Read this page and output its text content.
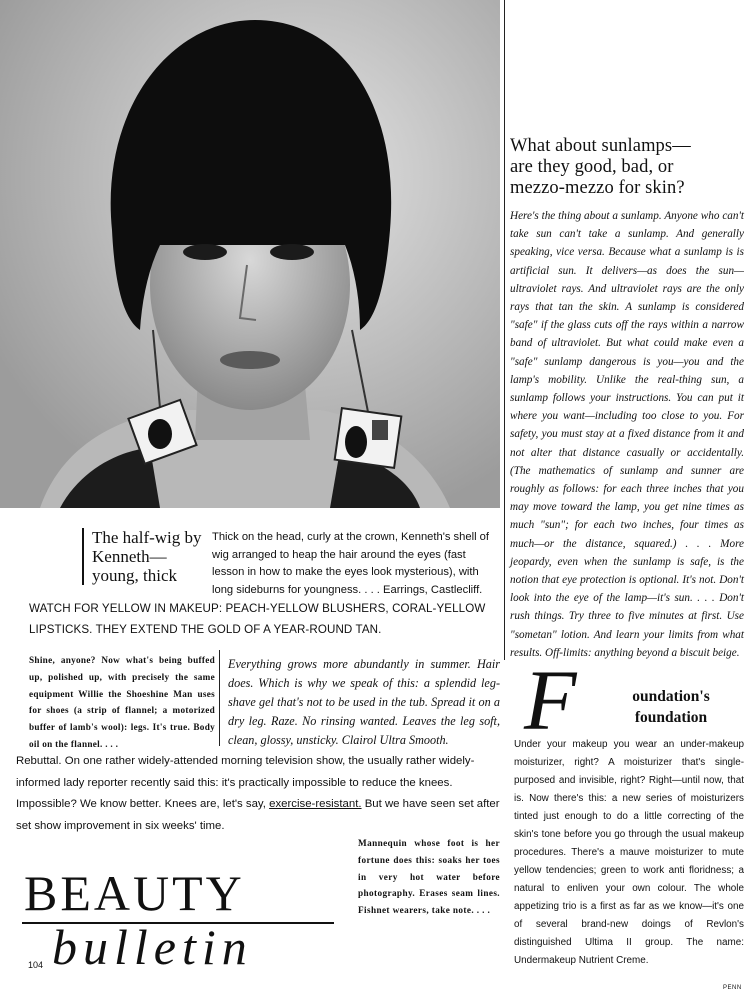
What about sunlamps—
are they good, bad, or
mezzo-mezzo for skin?

Here's the thing about a sunlamp. Anyone who can't take sun can't take a sunlamp. And generally speaking, vice versa. Because what a sunlamp is is artificial sun. It delivers—as does the sun—ultraviolet rays. And ultraviolet rays are the only rays that tan the skin. A sunlamp is considered "safe" if the glass cuts off the rays within a narrow band of ultraviolet. But what could make even a "safe" sunlamp dangerous is you—you and the lamp's mobility. Unlike the real-thing sun, a sunlamp follows your instructions. You can put it where you want—including too close to you. For safety, you must stay at a fixed distance from it and not alter that distance casually or accidentally. (The mathematics of sunlamp and sunner are roughly as follows: for each three inches that you may move toward the lamp, you get nine times as much "sun"; for each two inches, four times as much—or the distance, squared.) . . . More jeopardy, even when the sunlamp is safe, is the notion that eye protection is optional. It's not. Don't look into the eye of the lamp—it's sun. . . . Don't rush things. Try three to five minutes at first. Use "sometan" lotion. And learn your limits from what results. Off-limits: anything beyond a biscuit beige.

The half-wig by Kenneth—young, thick

Thick on the head, curly at the crown, Kenneth's shell of wig arranged to heap the hair around the eyes (fast lesson in how to make the eyes look mysterious), with long sideburns for youngness. . . . Earrings, Castlecliff.

WATCH FOR YELLOW IN MAKEUP: PEACH-YELLOW BLUSHERS, CORAL-YELLOW LIPSTICKS. THEY EXTEND THE GOLD OF A YEAR-ROUND TAN.

Shine, anyone? Now what's being buffed up, polished up, with precisely the same equipment Willie the Shoeshine Man uses for shoes (a strip of flannel; a motorized buffer of lamb's wool): legs. It's true. Body oil on the flannel. . . .

Everything grows more abundantly in summer. Hair does. Which is why we speak of this: a splendid leg-shave gel that's not to be used in the tub. Spread it on a dry leg. Raze. No rinsing wanted. Leaves the leg soft, clean, glossy, unsticky. Clairol Ultra Smooth.

Rebuttal. On one rather widely-attended morning television show, the usually rather widely-informed lady reporter recently said this: it's practically impossible to reduce the knees. Impossible? We know better. Knees are, let's say, exercise-resistant. But we have seen set after set show improvement in six weeks' time.

BEAUTY
bulletin
104

Mannequin whose foot is her fortune does this: soaks her toes in very hot water before photography. Erases seam lines. Fishnet wearers, take note. . . .

F	oundation's
foundation

Under your makeup you wear an under-makeup moisturizer, right? A moisturizer that's single-purposed and invisible, right? Right—until now, that is. Now there's this: a new series of moisturizers tinted just enough to do a little correcting of the skin's tone before you go through the usual makeup procedures. There's a mauve moisturizer to mute yellow tendencies; green to work anti floridness; a natural to enliven your own colour. The whole appetizing trio is a first as far as we know—it's one of several brand-new doings of Revlon's distinguished Ultima II group. The name: Undermakeup Nutrient Creme.

PENN
